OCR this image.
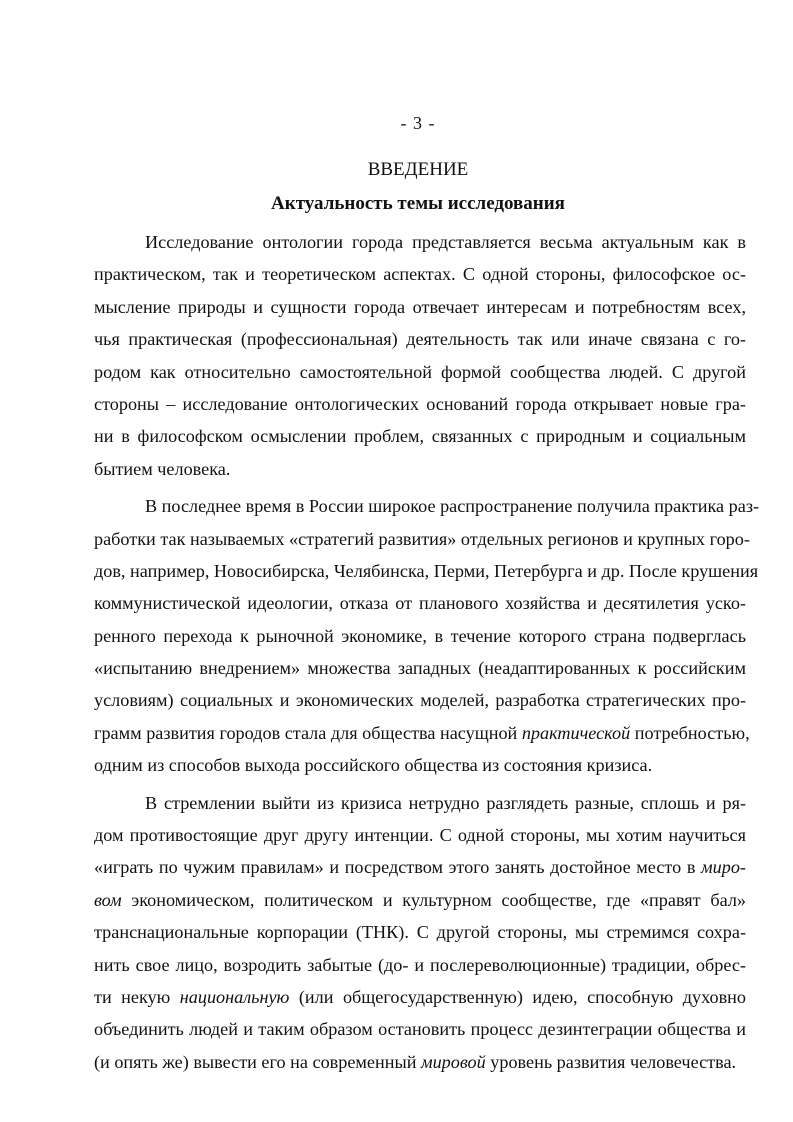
- 3 -
ВВЕДЕНИЕ
Актуальность темы исследования
Исследование онтологии города представляется весьма актуальным как в
практическом, так и теоретическом аспектах. С одной стороны, философское ос-
мысление природы и сущности города отвечает интересам и потребностям всех,
чья практическая (профессиональная) деятельность так или иначе связана с го-
родом как относительно самостоятельной формой сообщества людей. С другой
стороны – исследование онтологических оснований города открывает новые гра-
ни в философском осмыслении проблем, связанных с природным и социальным
бытием человека.
В последнее время в России широкое распространение получила практика раз-
работки так называемых «стратегий развития» отдельных регионов и крупных горо-
дов, например, Новосибирска, Челябинска, Перми, Петербурга и др. После крушения
коммунистической идеологии, отказа от планового хозяйства и десятилетия уско-
ренного перехода к рыночной экономике, в течение которого страна подверглась
«испытанию внедрением» множества западных (неадаптированных к российским
условиям) социальных и экономических моделей, разработка стратегических про-
грамм развития городов стала для общества насущной практической потребностью,
одним из способов выхода российского общества из состояния кризиса.
В стремлении выйти из кризиса нетрудно разглядеть разные, сплошь и ря-
дом противостоящие друг другу интенции. С одной стороны, мы хотим научиться
«играть по чужим правилам» и посредством этого занять достойное место в миро-
вом экономическом, политическом и культурном сообществе, где «правят бал»
транснациональные корпорации (ТНК). С другой стороны, мы стремимся сохра-
нить свое лицо, возродить забытые (до- и послереволюционные) традиции, обрес-
ти некую национальную (или общегосударственную) идею, способную духовно
объединить людей и таким образом остановить процесс дезинтеграции общества и
(и опять же) вывести его на современный мировой уровень развития человечества.
